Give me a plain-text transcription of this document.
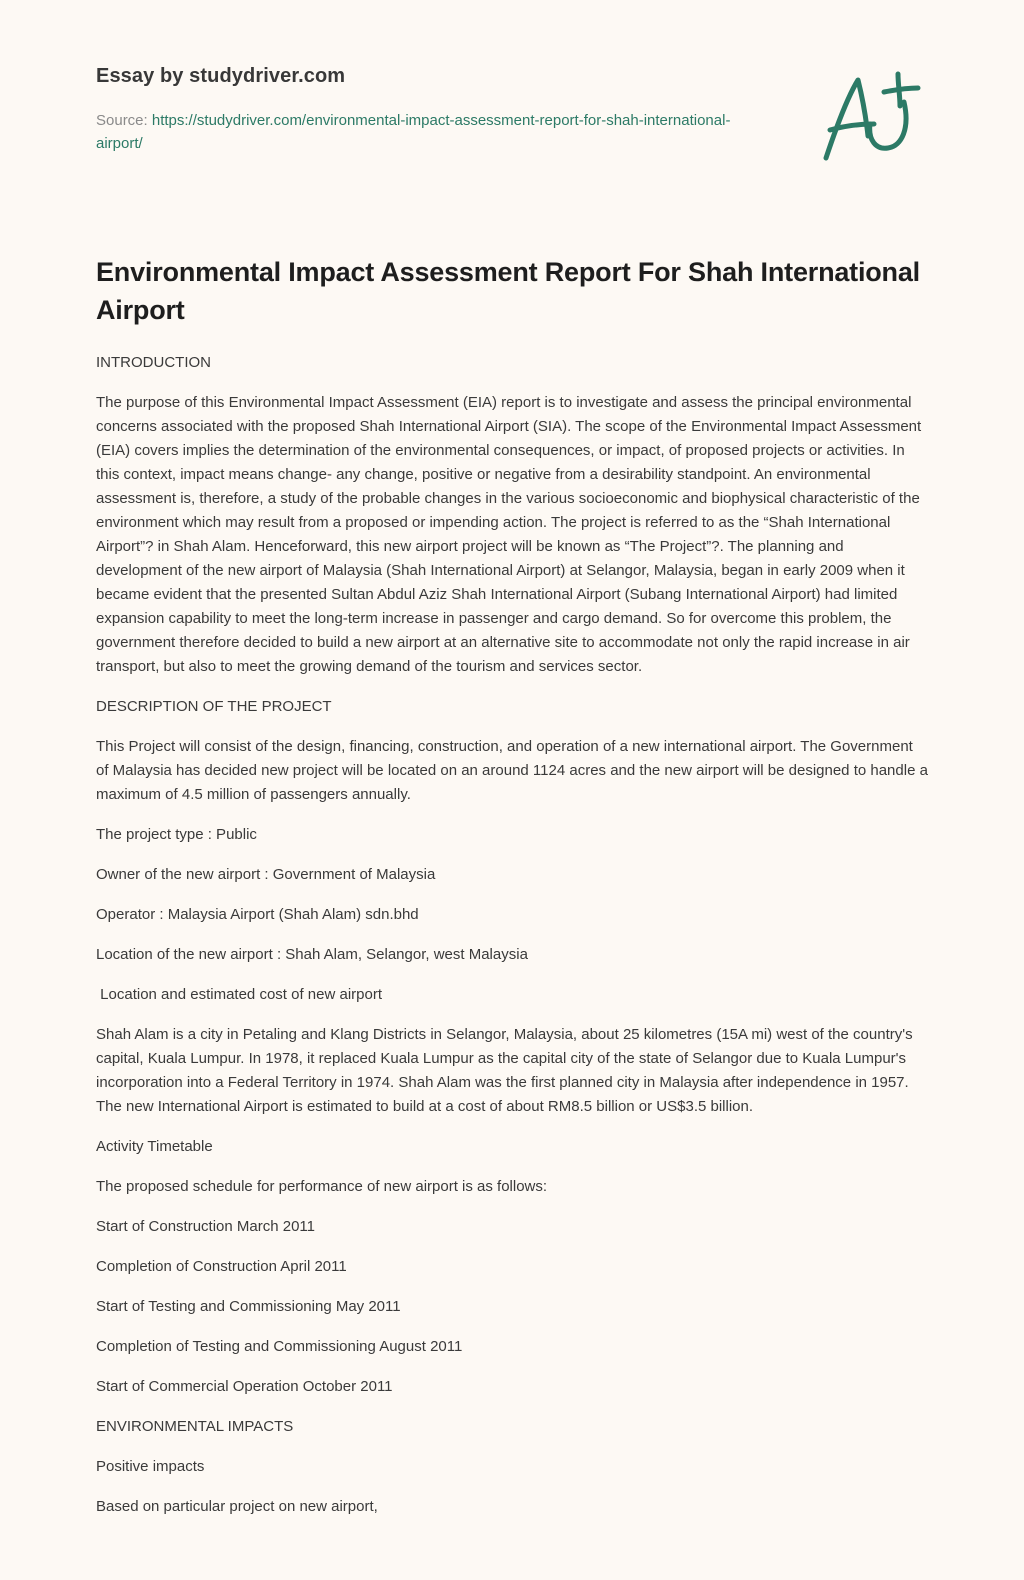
Essay by studydriver.com
Source: https://studydriver.com/environmental-impact-assessment-report-for-shah-international-airport/
Environmental Impact Assessment Report For Shah International Airport

INTRODUCTION

The purpose of this Environmental Impact Assessment (EIA) report is to investigate and assess the principal environmental concerns associated with the proposed Shah International Airport (SIA). The scope of the Environmental Impact Assessment (EIA) covers implies the determination of the environmental consequences, or impact, of proposed projects or activities. In this context, impact means change- any change, positive or negative from a desirability standpoint. An environmental assessment is, therefore, a study of the probable changes in the various socioeconomic and biophysical characteristic of the environment which may result from a proposed or impending action. The project is referred to as the “Shah International Airport”? in Shah Alam. Henceforward, this new airport project will be known as “The Project”?. The planning and development of the new airport of Malaysia (Shah International Airport) at Selangor, Malaysia, began in early 2009 when it became evident that the presented Sultan Abdul Aziz Shah International Airport (Subang International Airport) had limited expansion capability to meet the long-term increase in passenger and cargo demand. So for overcome this problem, the government therefore decided to build a new airport at an alternative site to accommodate not only the rapid increase in air transport, but also to meet the growing demand of the tourism and services sector.

DESCRIPTION OF THE PROJECT

This Project will consist of the design, financing, construction, and operation of a new international airport. The Government of Malaysia has decided new project will be located on an around 1124 acres and the new airport will be designed to handle a maximum of 4.5 million of passengers annually.

The project type : Public

Owner of the new airport : Government of Malaysia

Operator : Malaysia Airport (Shah Alam) sdn.bhd

Location of the new airport : Shah Alam, Selangor, west Malaysia

Location and estimated cost of new airport

Shah Alam is a city in Petaling and Klang Districts in Selangor, Malaysia, about 25 kilometres (15A mi) west of the country's capital, Kuala Lumpur. In 1978, it replaced Kuala Lumpur as the capital city of the state of Selangor due to Kuala Lumpur's incorporation into a Federal Territory in 1974. Shah Alam was the first planned city in Malaysia after independence in 1957. The new International Airport is estimated to build at a cost of about RM8.5 billion or US$3.5 billion.

Activity Timetable

The proposed schedule for performance of new airport is as follows:

Start of Construction March 2011

Completion of Construction April 2011

Start of Testing and Commissioning May 2011

Completion of Testing and Commissioning August 2011

Start of Commercial Operation October 2011

ENVIRONMENTAL IMPACTS

Positive impacts

Based on particular project on new airport,
